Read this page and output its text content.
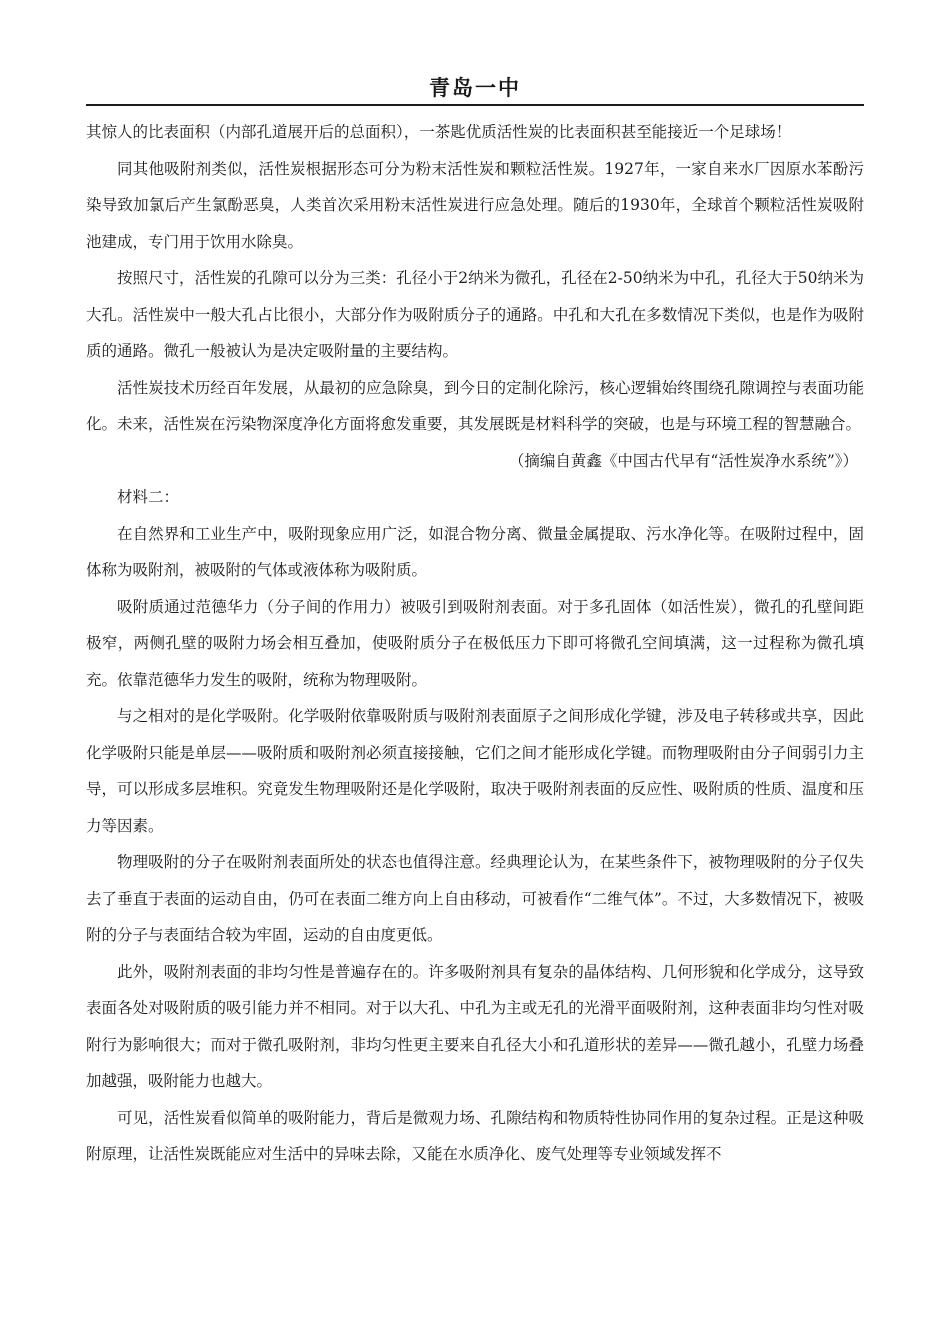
青岛一中

其惊人的比表面积（内部孔道展开后的总面积），一茶匙优质活性炭的比表面积甚至能接近一个足球场！

同其他吸附剂类似，活性炭根据形态可分为粉末活性炭和颗粒活性炭。1927年，一家自来水厂因原水苯酚污染导致加氯后产生氯酚恶臭，人类首次采用粉末活性炭进行应急处理。随后的1930年，全球首个颗粒活性炭吸附池建成，专门用于饮用水除臭。

按照尺寸，活性炭的孔隙可以分为三类：孔径小于2纳米为微孔，孔径在2-50纳米为中孔，孔径大于50纳米为大孔。活性炭中一般大孔占比很小，大部分作为吸附质分子的通路。中孔和大孔在多数情况下类似，也是作为吸附质的通路。微孔一般被认为是决定吸附量的主要结构。

活性炭技术历经百年发展，从最初的应急除臭，到今日的定制化除污，核心逻辑始终围绕孔隙调控与表面功能化。未来，活性炭在污染物深度净化方面将愈发重要，其发展既是材料科学的突破，也是与环境工程的智慧融合。

（摘编自黄鑫《中国古代早有“活性炭净水系统”》）

材料二：

在自然界和工业生产中，吸附现象应用广泛，如混合物分离、微量金属提取、污水净化等。在吸附过程中，固体称为吸附剂，被吸附的气体或液体称为吸附质。

吸附质通过范德华力（分子间的作用力）被吸引到吸附剂表面。对于多孔固体（如活性炭），微孔的孔壁间距极窄，两侧孔壁的吸附力场会相互叠加，使吸附质分子在极低压力下即可将微孔空间填满，这一过程称为微孔填充。依靠范德华力发生的吸附，统称为物理吸附。

与之相对的是化学吸附。化学吸附依靠吸附质与吸附剂表面原子之间形成化学键，涉及电子转移或共享，因此化学吸附只能是单层——吸附质和吸附剂必须直接接触，它们之间才能形成化学键。而物理吸附由分子间弱引力主导，可以形成多层堆积。究竟发生物理吸附还是化学吸附，取决于吸附剂表面的反应性、吸附质的性质、温度和压力等因素。

物理吸附的分子在吸附剂表面所处的状态也值得注意。经典理论认为，在某些条件下，被物理吸附的分子仅失去了垂直于表面的运动自由，仍可在表面二维方向上自由移动，可被看作“二维气体”。不过，大多数情况下，被吸附的分子与表面结合较为牢固，运动的自由度更低。

此外，吸附剂表面的非均匀性是普遍存在的。许多吸附剂具有复杂的晶体结构、几何形貌和化学成分，这导致表面各处对吸附质的吸引能力并不相同。对于以大孔、中孔为主或无孔的光滑平面吸附剂，这种表面非均匀性对吸附行为影响很大；而对于微孔吸附剂，非均匀性更主要来自孔径大小和孔道形状的差异——微孔越小，孔壁力场叠加越强，吸附能力也越大。

可见，活性炭看似简单的吸附能力，背后是微观力场、孔隙结构和物质特性协同作用的复杂过程。正是这种吸附原理，让活性炭既能应对生活中的异味去除，又能在水质净化、废气处理等专业领域发挥不
